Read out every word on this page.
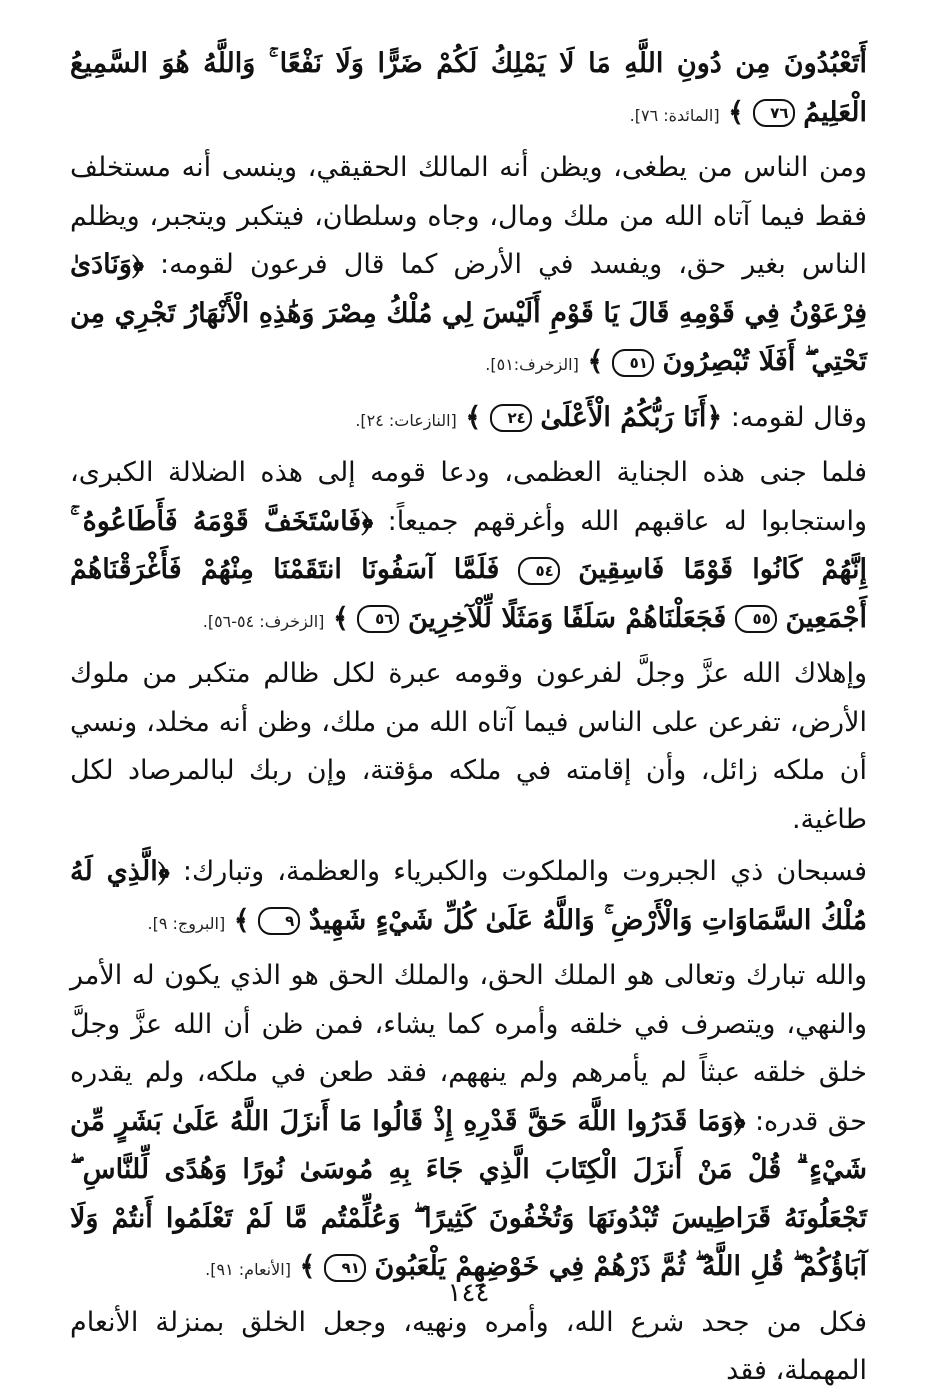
أَتَعْبُدُونَ مِن دُونِ اللَّهِ مَا لَا يَمْلِكُ لَكُمْ ضَرًّا وَلَا نَفْعًا ۚ وَاللَّهُ هُوَ السَّمِيعُ الْعَلِيمُ ٧٦ ﴾ [المائدة: ٧٦].

ومن الناس من يطغى، ويظن أنه المالك الحقيقي، وينسى أنه مستخلف فقط فيما آتاه الله من ملك ومال، وجاه وسلطان، فيتكبر ويتجبر، ويظلم الناس بغير حق، ويفسد في الأرض كما قال فرعون لقومه: ﴿وَنَادَىٰ فِرْعَوْنُ فِي قَوْمِهِ قَالَ يَا قَوْمِ أَلَيْسَ لِي مُلْكُ مِصْرَ وَهَٰذِهِ الْأَنْهَارُ تَجْرِي مِن تَحْتِي ۖ أَفَلَا تُبْصِرُونَ ٥١ ﴾ [الزخرف:٥١].

وقال لقومه: ﴿أَنَا رَبُّكُمُ الْأَعْلَىٰ ٢٤ ﴾ [النازعات: ٢٤].

فلما جنى هذه الجناية العظمى، ودعا قومه إلى هذه الضلالة الكبرى، واستجابوا له عاقبهم الله وأغرقهم جميعاً: ﴿فَاسْتَخَفَّ قَوْمَهُ فَأَطَاعُوهُ ۚ إِنَّهُمْ كَانُوا قَوْمًا فَاسِقِينَ ٥٤ فَلَمَّا آسَفُونَا انتَقَمْنَا مِنْهُمْ فَأَغْرَقْنَاهُمْ أَجْمَعِينَ ٥٥ فَجَعَلْنَاهُمْ سَلَفًا وَمَثَلًا لِّلْآخِرِينَ ٥٦ ﴾ [الزخرف: ٥٤-٥٦].

وإهلاك الله عزَّ وجلَّ لفرعون وقومه عبرة لكل ظالم متكبر من ملوك الأرض، تفرعن على الناس فيما آتاه الله من ملك، وظن أنه مخلد، ونسي أن ملكه زائل، وأن إقامته في ملكه مؤقتة، وإن ربك لبالمرصاد لكل طاغية.

فسبحان ذي الجبروت والملكوت والكبرياء والعظمة، وتبارك: ﴿الَّذِي لَهُ مُلْكُ السَّمَاوَاتِ وَالْأَرْضِ ۚ وَاللَّهُ عَلَىٰ كُلِّ شَيْءٍ شَهِيدٌ ٩ ﴾ [البروج: ٩].

والله تبارك وتعالى هو الملك الحق، والملك الحق هو الذي يكون له الأمر والنهي، ويتصرف في خلقه وأمره كما يشاء، فمن ظن أن الله عزَّ وجلَّ خلق خلقه عبثاً لم يأمرهم ولم ينههم، فقد طعن في ملكه، ولم يقدره حق قدره: ﴿وَمَا قَدَرُوا اللَّهَ حَقَّ قَدْرِهِ إِذْ قَالُوا مَا أَنزَلَ اللَّهُ عَلَىٰ بَشَرٍ مِّن شَيْءٍ ۗ قُلْ مَنْ أَنزَلَ الْكِتَابَ الَّذِي جَاءَ بِهِ مُوسَىٰ نُورًا وَهُدًى لِّلنَّاسِ ۖ تَجْعَلُونَهُ قَرَاطِيسَ تُبْدُونَهَا وَتُخْفُونَ كَثِيرًا ۖ وَعُلِّمْتُم مَّا لَمْ تَعْلَمُوا أَنتُمْ وَلَا آبَاؤُكُمْ ۖ قُلِ اللَّهُ ۖ ثُمَّ ذَرْهُمْ فِي خَوْضِهِمْ يَلْعَبُونَ ٩١ ﴾ [الأنعام: ٩١].

فكل من جحد شرع الله، وأمره ونهيه، وجعل الخلق بمنزلة الأنعام المهملة، فقد

١٤٤
